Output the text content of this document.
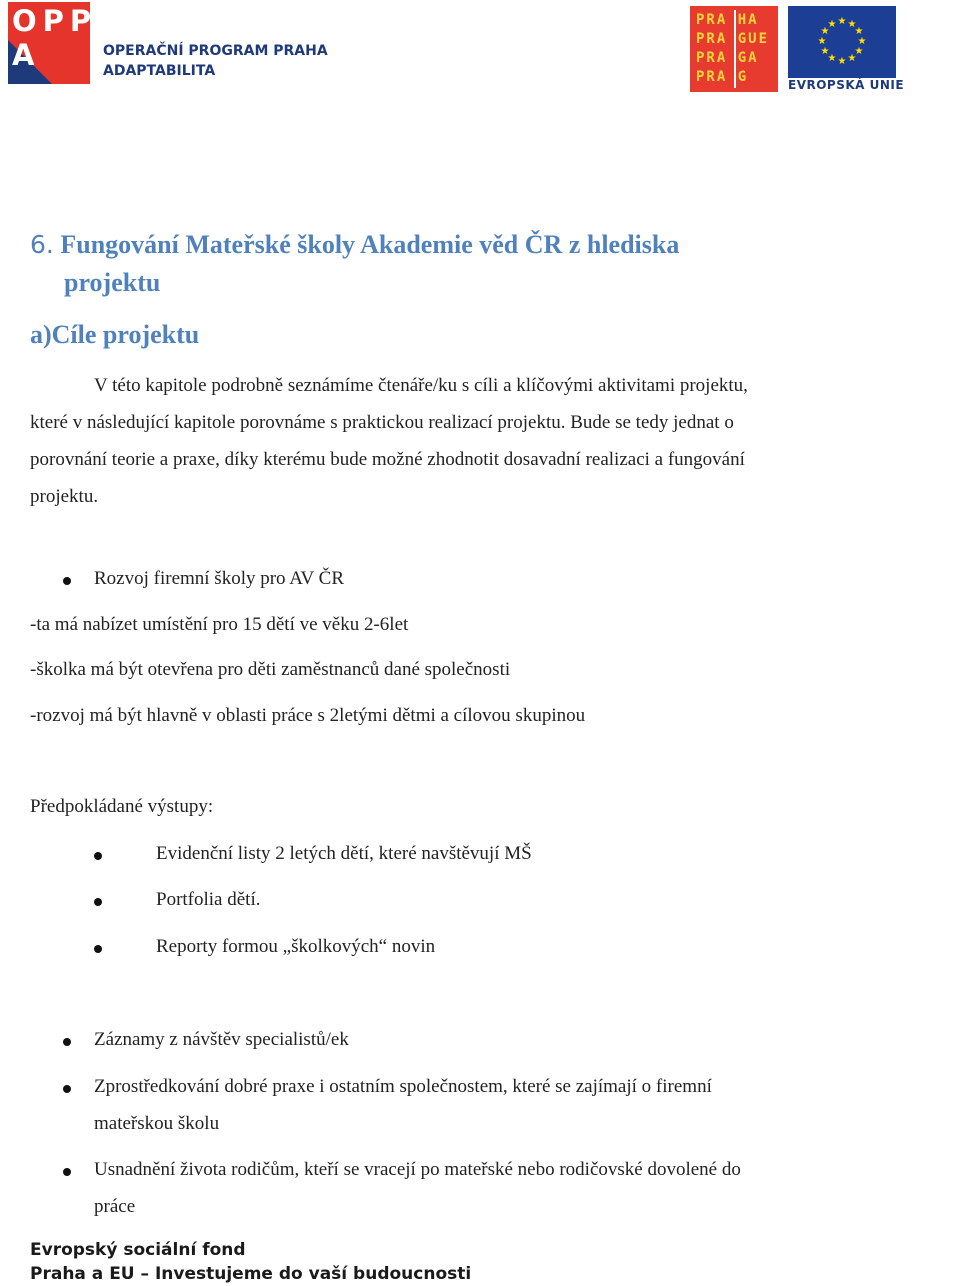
OPP
A	OPERAČNÍ PROGRAM PRAHA
ADAPTABILITA
PRA HA
PRA GUE
PRA GA
PRA G
★ ★
★
★
★
★
★
★
★
★
★
★
EVROPSKÁ UNIE
6. Fungování Mateřské školy Akademie věd ČR z hlediska
projektu
a)Cíle projektu
V této kapitole podrobně seznámíme čtenáře/ku s cíli a klíčovými aktivitami projektu,
které v následující kapitole porovnáme s praktickou realizací projektu. Bude se tedy jednat o
porovnání teorie a praxe, díky kterému bude možné zhodnotit dosavadní realizaci a fungování
projektu.
Rozvoj firemní školy pro AV ČR
-ta má nabízet umístění pro 15 dětí ve věku 2-6let
-školka má být otevřena pro děti zaměstnanců dané společnosti
-rozvoj má být hlavně v oblasti práce s 2letými dětmi a cílovou skupinou
Předpokládané výstupy:
Evidenční listy 2 letých dětí, které navštěvují MŠ
Portfolia dětí.
Reporty formou „školkových“ novin
Záznamy z návštěv specialistů/ek
Zprostředkování dobré praxe i ostatním společnostem, které se zajímají o firemní
mateřskou školu
Usnadnění života rodičům, kteří se vracejí po mateřské nebo rodičovské dovolené do
práce
Evropský sociální fond
Praha a EU – Investujeme do vaší budoucnosti
